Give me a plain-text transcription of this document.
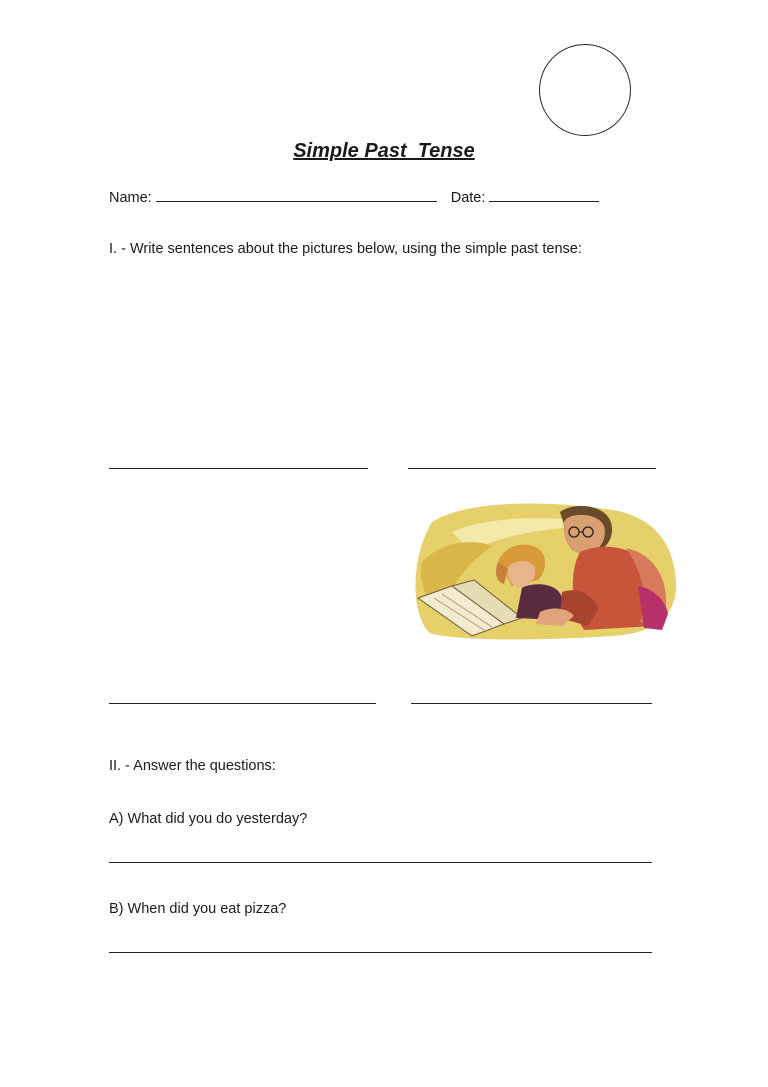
Simple Past  Tense
Name:	Date:
I. - Write sentences about the pictures below, using the simple past tense:
II. - Answer the questions:
A) What did you do yesterday?
B) When did you eat pizza?
